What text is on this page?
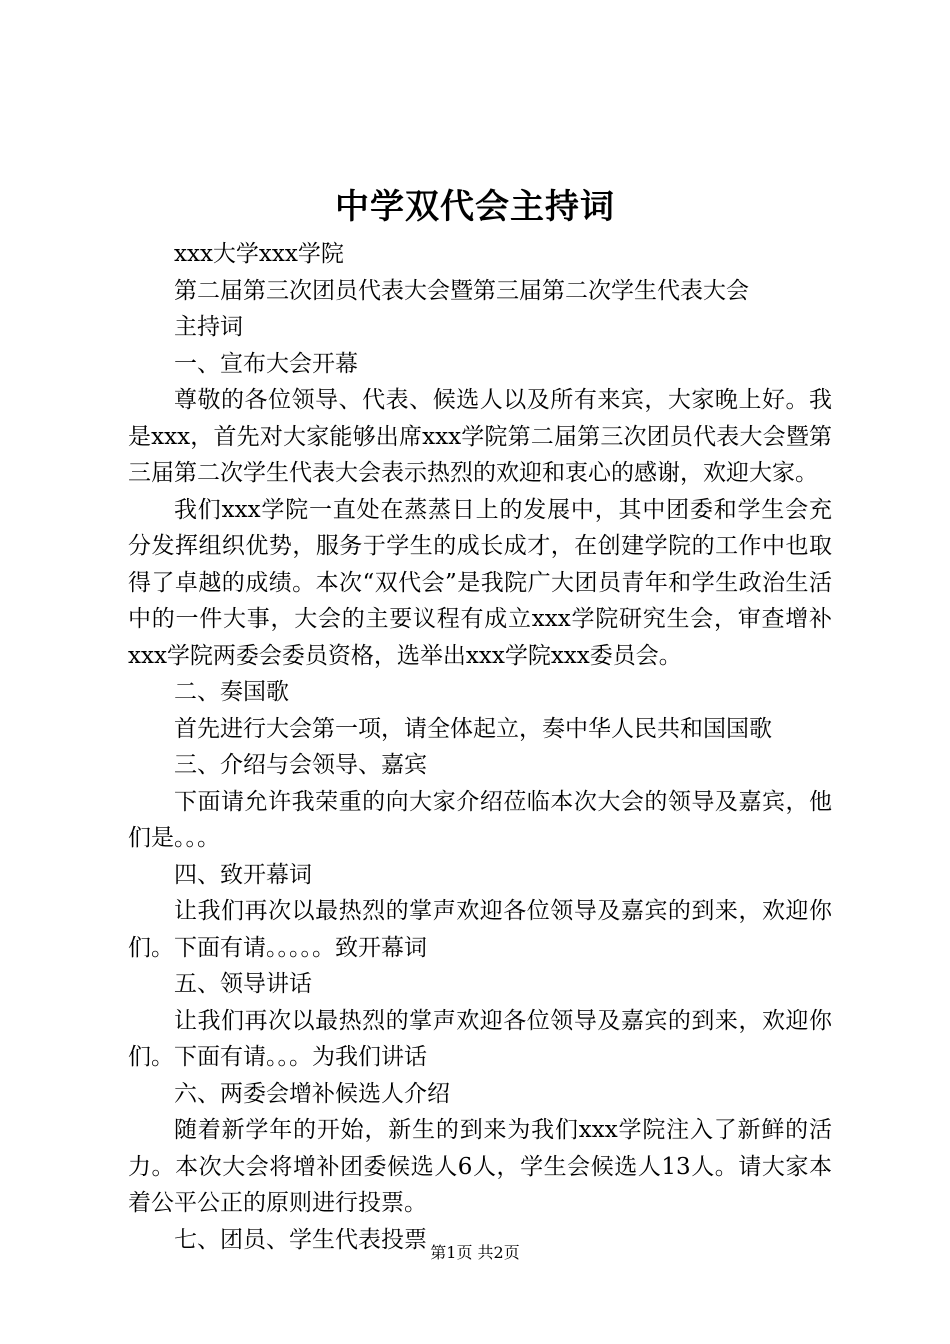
中学双代会主持词

xxx大学xxx学院

第二届第三次团员代表大会暨第三届第二次学生代表大会

主持词

一、宣布大会开幕

尊敬的各位领导、代表、候选人以及所有来宾，大家晚上好。我是xxx，首先对大家能够出席xxx学院第二届第三次团员代表大会暨第三届第二次学生代表大会表示热烈的欢迎和衷心的感谢，欢迎大家。

我们xxx学院一直处在蒸蒸日上的发展中，其中团委和学生会充分发挥组织优势，服务于学生的成长成才，在创建学院的工作中也取得了卓越的成绩。本次“双代会”是我院广大团员青年和学生政治生活中的一件大事，大会的主要议程有成立xxx学院研究生会，审查增补xxx学院两委会委员资格，选举出xxx学院xxx委员会。

二、奏国歌

首先进行大会第一项，请全体起立，奏中华人民共和国国歌

三、介绍与会领导、嘉宾

下面请允许我荣重的向大家介绍莅临本次大会的领导及嘉宾，他们是。。。

四、致开幕词

让我们再次以最热烈的掌声欢迎各位领导及嘉宾的到来，欢迎你们。下面有请。。。。。致开幕词

五、领导讲话

让我们再次以最热烈的掌声欢迎各位领导及嘉宾的到来，欢迎你们。下面有请。。。为我们讲话

六、两委会增补候选人介绍

随着新学年的开始，新生的到来为我们xxx学院注入了新鲜的活力。本次大会将增补团委候选人6人，学生会候选人13人。请大家本着公平公正的原则进行投票。

七、团员、学生代表投票 第1页 共2页
